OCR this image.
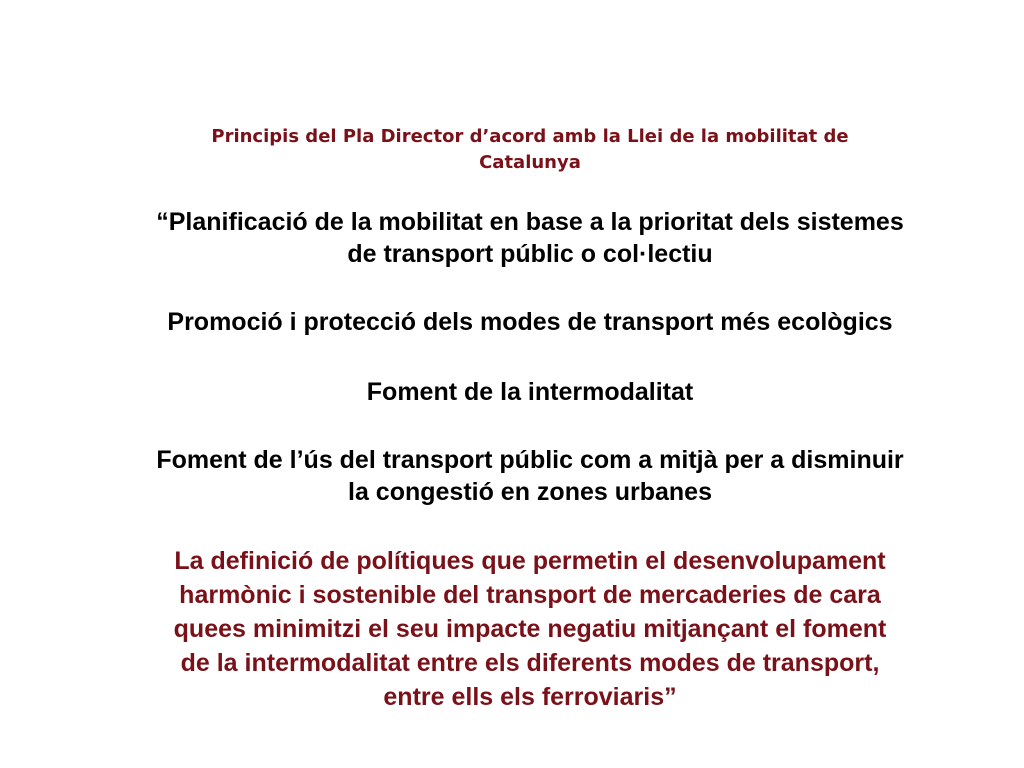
Principis del Pla Director d’acord amb la Llei de la mobilitat de
Catalunya
“Planificació de la mobilitat en base a la prioritat dels sistemes
de transport públic o col·lectiu
Promoció i protecció dels modes de transport més ecològics
Foment de la intermodalitat
Foment de l’ús del transport públic com a mitjà per a disminuir
la congestió en zones urbanes
La definició de polítiques que permetin el desenvolupament
harmònic i sostenible del transport de mercaderies de cara
quees minimitzi el seu impacte negatiu mitjançant el foment
de la intermodalitat entre els diferents modes de transport,
entre ells els ferroviaris”
